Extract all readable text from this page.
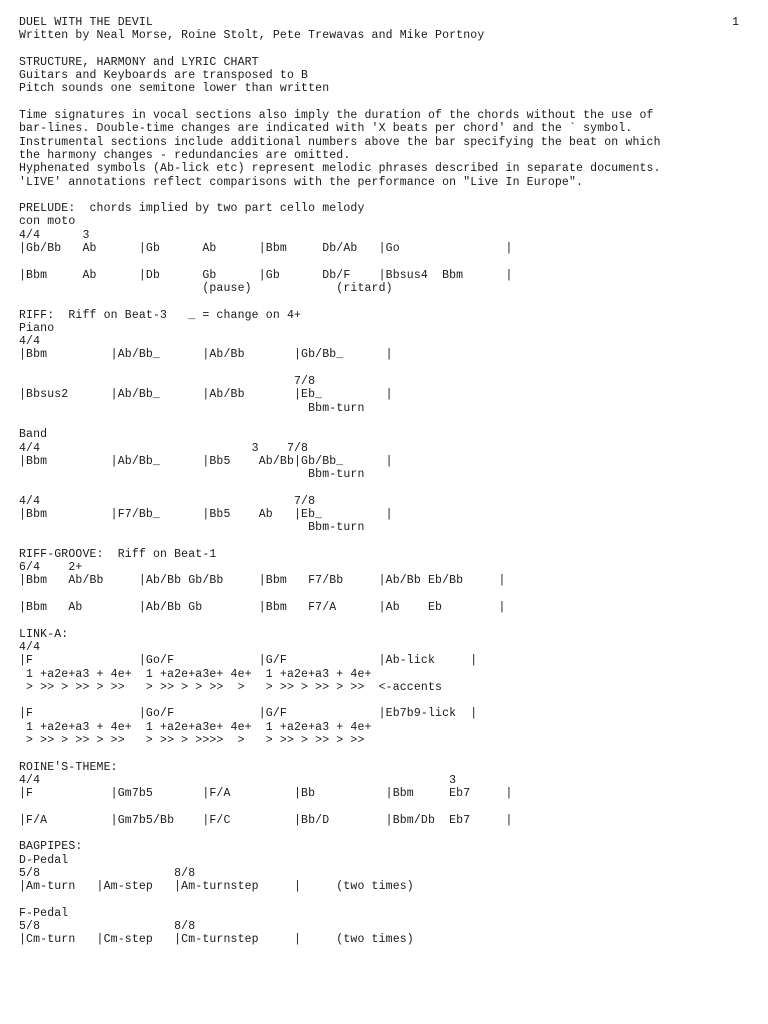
1
DUEL WITH THE DEVIL
Written by Neal Morse, Roine Stolt, Pete Trewavas and Mike Portnoy
STRUCTURE, HARMONY and LYRIC CHART
Guitars and Keyboards are transposed to B
Pitch sounds one semitone lower than written
Time signatures in vocal sections also imply the duration of the chords without the use of
bar-lines. Double-time changes are indicated with 'X beats per chord' and the ` symbol.
Instrumental sections include additional numbers above the bar specifying the beat on which
the harmony changes - redundancies are omitted.
Hyphenated symbols (Ab-lick etc) represent melodic phrases described in separate documents.
'LIVE' annotations reflect comparisons with the performance on "Live In Europe".
PRELUDE:  chords implied by two part cello melody
con moto
4/4      3
|Gb/Bb   Ab      |Gb      Ab      |Bbm     Db/Ab   |Go               |
|Bbm     Ab      |Db      Gb      |Gb      Db/F    |Bbsus4  Bbm      |
(pause)            (ritard)
RIFF:  Riff on Beat-3   _ = change on 4+
Piano
4/4
|Bbm         |Ab/Bb_      |Ab/Bb       |Gb/Bb_      |
7/8
|Bbsus2      |Ab/Bb_      |Ab/Bb       |Eb_         |
Bbm-turn
Band
4/4                              3    7/8
|Bbm         |Ab/Bb_      |Bb5    Ab/Bb|Gb/Bb_      |
Bbm-turn
4/4                                    7/8
|Bbm         |F7/Bb_      |Bb5    Ab   |Eb_         |
Bbm-turn
RIFF-GROOVE:  Riff on Beat-1
6/4    2+
|Bbm   Ab/Bb     |Ab/Bb Gb/Bb     |Bbm   F7/Bb     |Ab/Bb Eb/Bb     |
|Bbm   Ab        |Ab/Bb Gb        |Bbm   F7/A      |Ab    Eb        |
LINK-A:
4/4
|F               |Go/F            |G/F             |Ab-lick     |
1 +a2e+a3 + 4e+  1 +a2e+a3e+ 4e+  1 +a2e+a3 + 4e+
> >> > >> > >>   > >> > > >>  >   > >> > >> > >>  <-accents
|F               |Go/F            |G/F             |Eb7b9-lick  |
1 +a2e+a3 + 4e+  1 +a2e+a3e+ 4e+  1 +a2e+a3 + 4e+
> >> > >> > >>   > >> > >>>>  >   > >> > >> > >>
ROINE'S-THEME:
4/4                                                          3
|F           |Gm7b5       |F/A         |Bb          |Bbm     Eb7     |
|F/A         |Gm7b5/Bb    |F/C         |Bb/D        |Bbm/Db  Eb7     |
BAGPIPES:
D-Pedal
5/8                   8/8
|Am-turn   |Am-step   |Am-turnstep     |     (two times)
F-Pedal
5/8                   8/8
|Cm-turn   |Cm-step   |Cm-turnstep     |     (two times)
